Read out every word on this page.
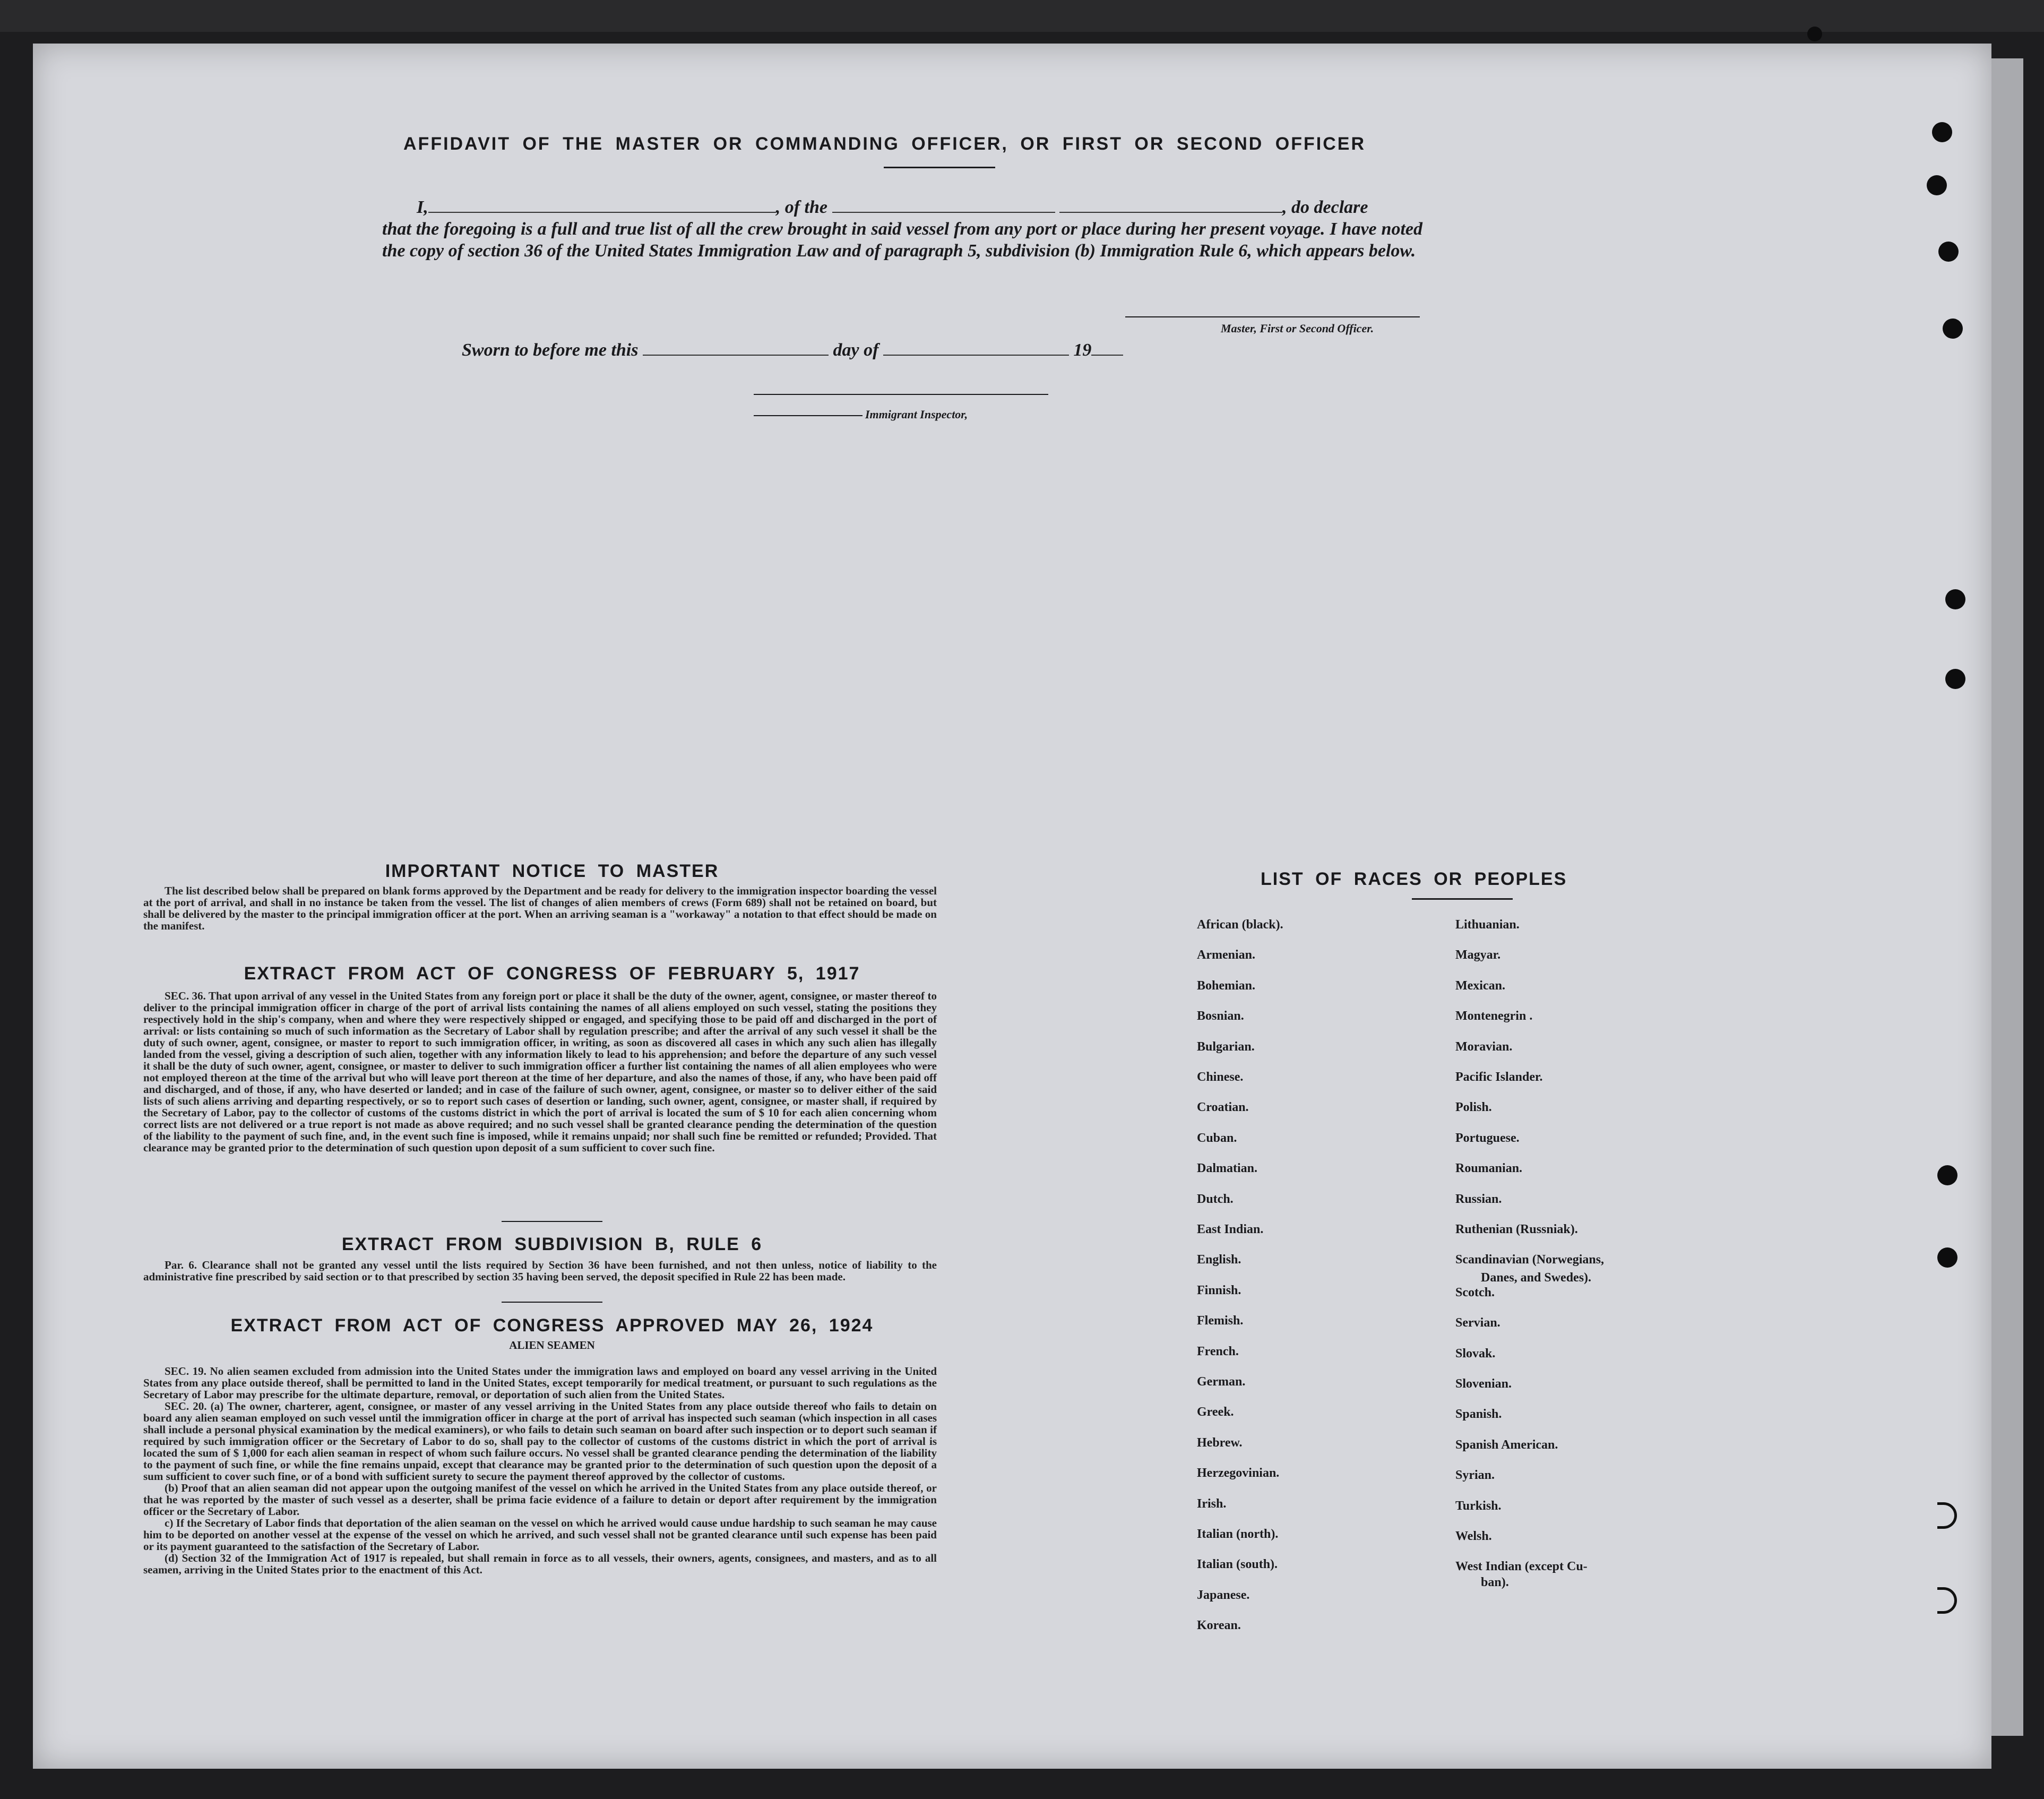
AFFIDAVIT OF THE MASTER OR COMMANDING OFFICER, OR FIRST OR SECOND OFFICER
I,	, of the	, do declare
that the foregoing is a full and true list of all the crew brought in said vessel from any port or place during her present voyage. I have noted the copy of section 36 of the United States Immigration Law and of paragraph 5, subdivision (b) Immigration Rule 6, which appears below.
Master, First or Second Officer.
Sworn to before me this	day of	19
Immigrant Inspector,
IMPORTANT NOTICE TO MASTER

The list described below shall be prepared on blank forms approved by the Department and be ready for delivery to the immigration inspector boarding the vessel at the port of arrival, and shall in no instance be taken from the vessel. The list of changes of alien members of crews (Form 689) shall not be retained on board, but shall be delivered by the master to the principal immigration officer at the port. When an arriving seaman is a "workaway" a notation to that effect should be made on the manifest.

EXTRACT FROM ACT OF CONGRESS OF FEBRUARY 5, 1917

SEC. 36. That upon arrival of any vessel in the United States from any foreign port or place it shall be the duty of the owner, agent, consignee, or master thereof to deliver to the principal immigration officer in charge of the port of arrival lists containing the names of all aliens employed on such vessel, stating the positions they respectively hold in the ship's company, when and where they were respectively shipped or engaged, and specifying those to be paid off and discharged in the port of arrival: or lists containing so much of such information as the Secretary of Labor shall by regulation prescribe; and after the arrival of any such vessel it shall be the duty of such owner, agent, consignee, or master to report to such immigration officer, in writing, as soon as discovered all cases in which any such alien has illegally landed from the vessel, giving a description of such alien, together with any information likely to lead to his apprehension; and before the departure of any such vessel it shall be the duty of such owner, agent, consignee, or master to deliver to such immigration officer a further list containing the names of all alien employees who were not employed thereon at the time of the arrival but who will leave port thereon at the time of her departure, and also the names of those, if any, who have been paid off and discharged, and of those, if any, who have deserted or landed; and in case of the failure of such owner, agent, consignee, or master so to deliver either of the said lists of such aliens arriving and departing respectively, or so to report such cases of desertion or landing, such owner, agent, consignee, or master shall, if required by the Secretary of Labor, pay to the collector of customs of the customs district in which the port of arrival is located the sum of $ 10 for each alien concerning whom correct lists are not delivered or a true report is not made as above required; and no such vessel shall be granted clearance pending the determination of the question of the liability to the payment of such fine, and, in the event such fine is imposed, while it remains unpaid; nor shall such fine be remitted or refunded; Provided. That clearance may be granted prior to the determination of such question upon deposit of a sum sufficient to cover such fine.

EXTRACT FROM SUBDIVISION B, RULE 6

Par. 6. Clearance shall not be granted any vessel until the lists required by Section 36 have been furnished, and not then unless, notice of liability to the administrative fine prescribed by said section or to that prescribed by section 35 having been served, the deposit specified in Rule 22 has been made.

EXTRACT FROM ACT OF CONGRESS APPROVED MAY 26, 1924
ALIEN SEAMEN

SEC. 19. No alien seamen excluded from admission into the United States under the immigration laws and employed on board any vessel arriving in the United States from any place outside thereof, shall be permitted to land in the United States, except temporarily for medical treatment, or pursuant to such regulations as the Secretary of Labor may prescribe for the ultimate departure, removal, or deportation of such alien from the United States.

SEC. 20. (a) The owner, charterer, agent, consignee, or master of any vessel arriving in the United States from any place outside thereof who fails to detain on board any alien seaman employed on such vessel until the immigration officer in charge at the port of arrival has inspected such seaman (which inspection in all cases shall include a personal physical examination by the medical examiners), or who fails to detain such seaman on board after such inspection or to deport such seaman if required by such immigration officer or the Secretary of Labor to do so, shall pay to the collector of customs of the customs district in which the port of arrival is located the sum of $ 1,000 for each alien seaman in respect of whom such failure occurs. No vessel shall be granted clearance pending the determination of the liability to the payment of such fine, or while the fine remains unpaid, except that clearance may be granted prior to the determination of such question upon the deposit of a sum sufficient to cover such fine, or of a bond with sufficient surety to secure the payment thereof approved by the collector of customs.

(b) Proof that an alien seaman did not appear upon the outgoing manifest of the vessel on which he arrived in the United States from any place outside thereof, or that he was reported by the master of such vessel as a deserter, shall be prima facie evidence of a failure to detain or deport after requirement by the immigration officer or the Secretary of Labor.

c) If the Secretary of Labor finds that deportation of the alien seaman on the vessel on which he arrived would cause undue hardship to such seaman he may cause him to be deported on another vessel at the expense of the vessel on which he arrived, and such vessel shall not be granted clearance until such expense has been paid or its payment guaranteed to the satisfaction of the Secretary of Labor.

(d) Section 32 of the Immigration Act of 1917 is repealed, but shall remain in force as to all vessels, their owners, agents, consignees, and masters, and as to all seamen, arriving in the United States prior to the enactment of this Act.

LIST OF RACES OR PEOPLES
African (black).
Armenian.
Bohemian.
Bosnian.
Bulgarian.
Chinese.
Croatian.
Cuban.
Dalmatian.
Dutch.
East Indian.
English.
Finnish.
Flemish.
French.
German.
Greek.
Hebrew.
Herzegovinian.
Irish.
Italian (north).
Italian (south).
Japanese.
Korean.
Lithuanian.
Magyar.
Mexican.
Montenegrin .
Moravian.
Pacific Islander.
Polish.
Portuguese.
Roumanian.
Russian.
Ruthenian (Russniak).
Scandinavian (Norwegians,
Danes, and Swedes).
Scotch.
Servian.
Slovak.
Slovenian.
Spanish.
Spanish American.
Syrian.
Turkish.
Welsh.
West Indian (except Cu-
ban).
